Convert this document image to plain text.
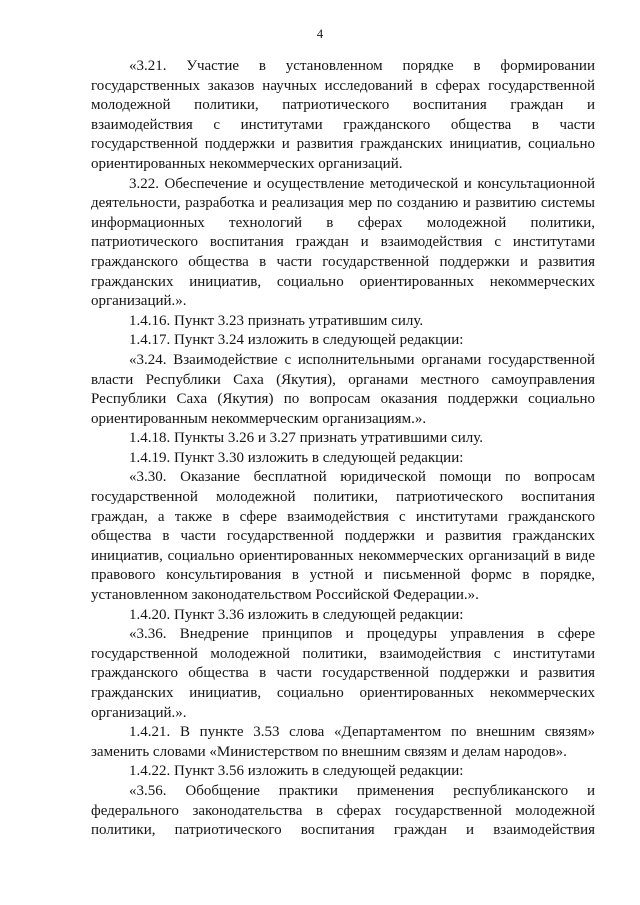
4

«3.21. Участие в установленном порядке в формировании государственных заказов научных исследований в сферах государственной молодежной политики, патриотического воспитания граждан и взаимодействия с институтами гражданского общества в части государственной поддержки и развития гражданских инициатив, социально ориентированных некоммерческих организаций.

3.22. Обеспечение и осуществление методической и консультационной деятельности, разработка и реализация мер по созданию и развитию системы информационных технологий в сферах молодежной политики, патриотического воспитания граждан и взаимодействия с институтами гражданского общества в части государственной поддержки и развития гражданских инициатив, социально ориентированных некоммерческих организаций.».

1.4.16. Пункт 3.23 признать утратившим силу.

1.4.17. Пункт 3.24 изложить в следующей редакции:

«3.24. Взаимодействие с исполнительными органами государственной власти Республики Саха (Якутия), органами местного самоуправления Республики Саха (Якутия) по вопросам оказания поддержки социально ориентированным некоммерческим организациям.».

1.4.18. Пункты 3.26 и 3.27 признать утратившими силу.

1.4.19. Пункт 3.30 изложить в следующей редакции:

«3.30. Оказание бесплатной юридической помощи по вопросам государственной молодежной политики, патриотического воспитания граждан, а также в сфере взаимодействия с институтами гражданского общества в части государственной поддержки и развития гражданских инициатив, социально ориентированных некоммерческих организаций в виде правового консультирования в устной и письменной формс в порядке, установленном законодательством Российской Федерации.».

1.4.20. Пункт 3.36 изложить в следующей редакции:

«3.36. Внедрение принципов и процедуры управления в сфере государственной молодежной политики, взаимодействия с институтами гражданского общества в части государственной поддержки и развития гражданских инициатив, социально ориентированных некоммерческих организаций.».

1.4.21. В пункте 3.53 слова «Департаментом по внешним связям» заменить словами «Министерством по внешним связям и делам народов».

1.4.22. Пункт 3.56 изложить в следующей редакции:

«3.56. Обобщение практики применения республиканского и федерального законодательства в сферах государственной молодежной политики, патриотического воспитания граждан и взаимодействия
